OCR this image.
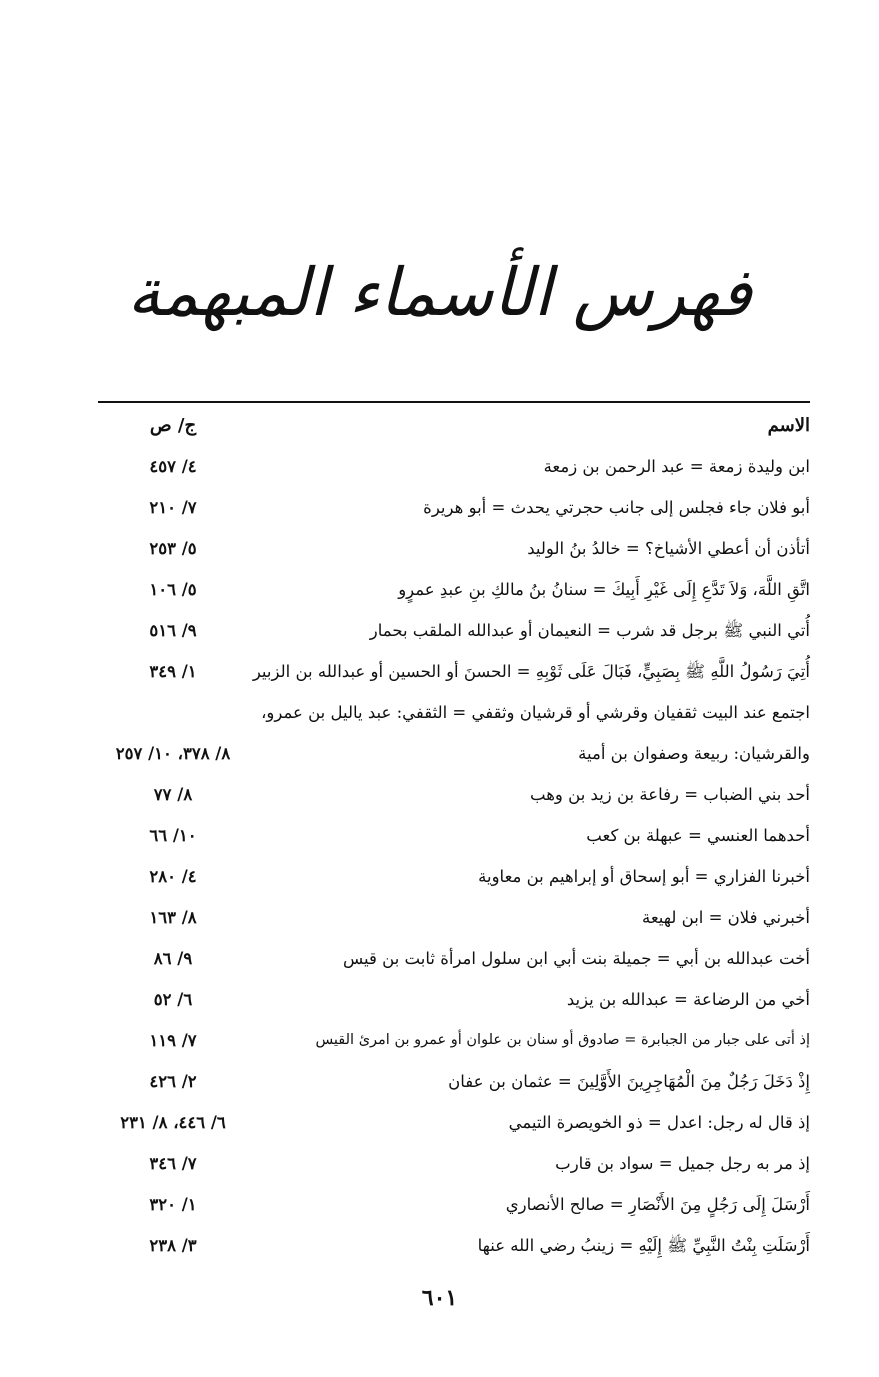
فهرس الأسماء المبهمة
الاسم
ج/ ص
ابن وليدة زمعة = عبد الرحمن بن زمعة
٤/ ٤٥٧
أبو فلان جاء فجلس إلى جانب حجرتي يحدث = أبو هريرة
٧/ ٢١٠
أتأذن أن أعطي الأشياخ؟ = خالدُ بنُ الوليد
٥/ ٢٥٣
اتَّقِ اللَّهَ، وَلاَ تَدَّعِ إِلَى غَيْرِ أَبِيكَ = سنانُ بنُ مالكِ بنِ عبدِ عمرٍو
٥/ ١٠٦
أُتي النبي ﷺ برجل قد شرب = النعيمان أو عبدالله الملقب بحمار
٩/ ٥١٦
أُتِيَ رَسُولُ اللَّهِ ﷺ بِصَبِيٍّ، فَبَالَ عَلَى ثَوْبِهِ = الحسنَ أو الحسين أو عبدالله بن الزبير
١/ ٣٤٩
اجتمع عند البيت ثقفيان وقرشي أو قرشيان وثقفي = الثقفي: عبد ياليل بن عمرو،
والقرشيان: ربيعة وصفوان بن أمية
٨/ ٣٧٨، ١٠/ ٢٥٧
أحد بني الضباب = رفاعة بن زيد بن وهب
٨/ ٧٧
أحدهما العنسي = عبهلة بن كعب
١٠/ ٦٦
أخبرنا الفزاري = أبو إسحاق أو إبراهيم بن معاوية
٤/ ٢٨٠
أخبرني فلان = ابن لهيعة
٨/ ١٦٣
أخت عبدالله بن أبي = جميلة بنت أبي ابن سلول امرأة ثابت بن قيس
٩/ ٨٦
أخي من الرضاعة = عبدالله بن يزيد
٦/ ٥٢
إذ أتى على جبار من الجبابرة = صادوق أو سنان بن علوان أو عمرو بن امرئ القيس
٧/ ١١٩
إِذْ دَخَلَ رَجُلٌ مِنَ الْمُهَاجِرِينَ الأَوَّلِينَ = عثمان بن عفان
٢/ ٤٢٦
إذ قال له رجل: اعدل = ذو الخويصرة التيمي
٦/ ٤٤٦، ٨/ ٢٣١
إذ مر به رجل جميل = سواد بن قارب
٧/ ٣٤٦
أَرْسَلَ إِلَى رَجُلٍ مِنَ الأَنْصَارِ = صالح الأنصاري
١/ ٣٢٠
أَرْسَلَتِ بِنْتُ النَّبِيِّ ﷺ إِلَيْهِ = زينبُ رضي الله عنها
٣/ ٢٣٨
٦٠١
